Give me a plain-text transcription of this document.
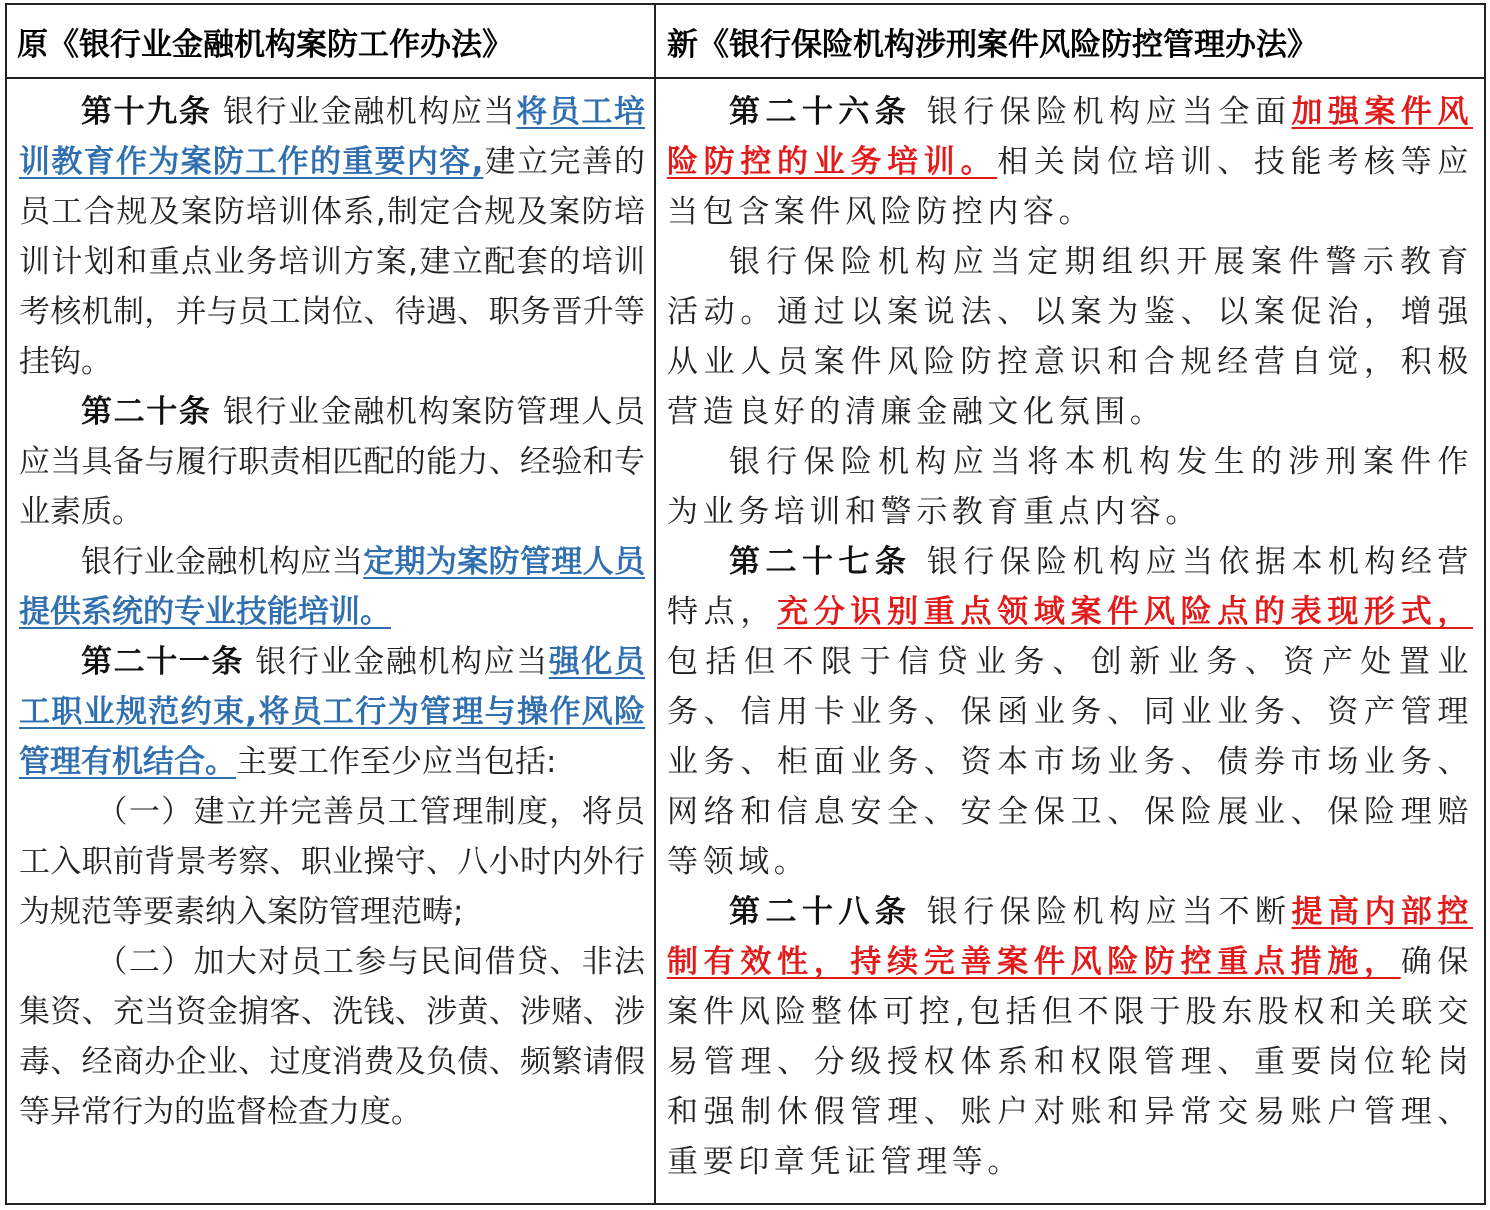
原《银行业金融机构案防工作办法》	新《银行保险机构涉刑案件风险防控管理办法》

第十九条 银行业金融机构应当将员工培训教育作为案防工作的重要内容,建立完善的员工合规及案防培训体系,制定合规及案防培训计划和重点业务培训方案,建立配套的培训考核机制，并与员工岗位、待遇、职务晋升等挂钩。

第二十条 银行业金融机构案防管理人员应当具备与履行职责相匹配的能力、经验和专业素质。

银行业金融机构应当定期为案防管理人员提供系统的专业技能培训。

第二十一条 银行业金融机构应当强化员工职业规范约束,将员工行为管理与操作风险管理有机结合。主要工作至少应当包括:

（一）建立并完善员工管理制度，将员工入职前背景考察、职业操守、八小时内外行为规范等要素纳入案防管理范畴;

（二）加大对员工参与民间借贷、非法集资、充当资金掮客、洗钱、涉黄、涉赌、涉毒、经商办企业、过度消费及负债、频繁请假等异常行为的监督检查力度。

第二十六条 银行保险机构应当全面加强案件风险防控的业务培训。相关岗位培训、技能考核等应当包含案件风险防控内容。

银行保险机构应当定期组织开展案件警示教育活动。通过以案说法、以案为鉴、以案促治，增强从业人员案件风险防控意识和合规经营自觉，积极营造良好的清廉金融文化氛围。

银行保险机构应当将本机构发生的涉刑案件作为业务培训和警示教育重点内容。

第二十七条 银行保险机构应当依据本机构经营特点，充分识别重点领域案件风险点的表现形式，包括但不限于信贷业务、创新业务、资产处置业务、信用卡业务、保函业务、同业业务、资产管理业务、柜面业务、资本市场业务、债券市场业务、网络和信息安全、安全保卫、保险展业、保险理赔等领域。

第二十八条 银行保险机构应当不断提高内部控制有效性，持续完善案件风险防控重点措施，确保案件风险整体可控,包括但不限于股东股权和关联交易管理、分级授权体系和权限管理、重要岗位轮岗和强制休假管理、账户对账和异常交易账户管理、重要印章凭证管理等。
